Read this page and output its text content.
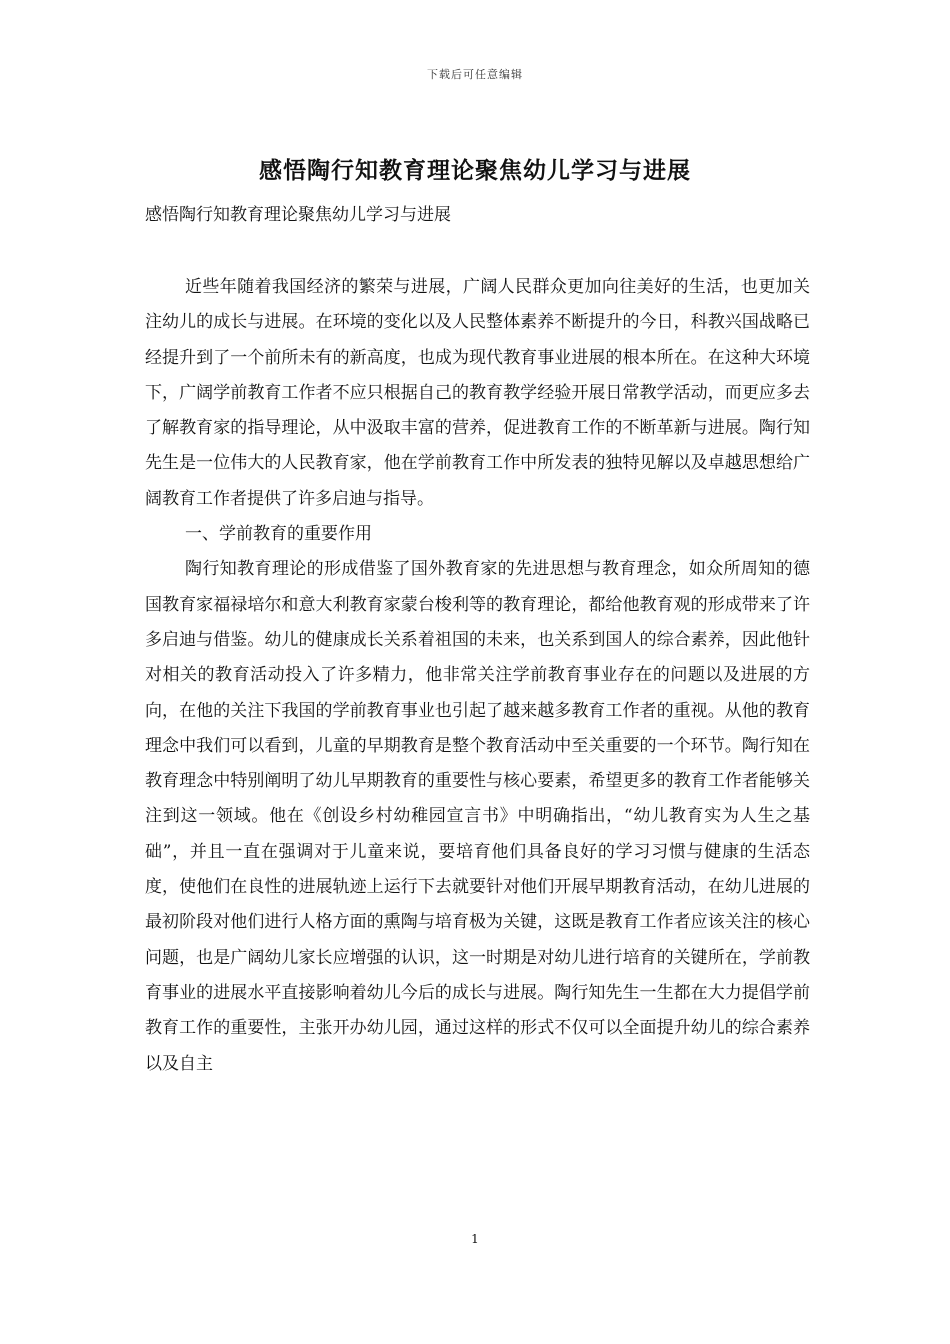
下载后可任意编辑
感悟陶行知教育理论聚焦幼儿学习与进展

感悟陶行知教育理论聚焦幼儿学习与进展

近些年随着我国经济的繁荣与进展，广阔人民群众更加向往美好的生活，也更加关注幼儿的成长与进展。在环境的变化以及人民整体素养不断提升的今日，科教兴国战略已经提升到了一个前所未有的新高度，也成为现代教育事业进展的根本所在。在这种大环境下，广阔学前教育工作者不应只根据自己的教育教学经验开展日常教学活动，而更应多去了解教育家的指导理论，从中汲取丰富的营养，促进教育工作的不断革新与进展。陶行知先生是一位伟大的人民教育家，他在学前教育工作中所发表的独特见解以及卓越思想给广阔教育工作者提供了许多启迪与指导。

一、学前教育的重要作用

陶行知教育理论的形成借鉴了国外教育家的先进思想与教育理念，如众所周知的德国教育家福禄培尔和意大利教育家蒙台梭利等的教育理论，都给他教育观的形成带来了许多启迪与借鉴。幼儿的健康成长关系着祖国的未来，也关系到国人的综合素养，因此他针对相关的教育活动投入了许多精力，他非常关注学前教育事业存在的问题以及进展的方向，在他的关注下我国的学前教育事业也引起了越来越多教育工作者的重视。从他的教育理念中我们可以看到，儿童的早期教育是整个教育活动中至关重要的一个环节。陶行知在教育理念中特别阐明了幼儿早期教育的重要性与核心要素，希望更多的教育工作者能够关注到这一领域。他在《创设乡村幼稚园宣言书》中明确指出，“幼儿教育实为人生之基础”，并且一直在强调对于儿童来说，要培育他们具备良好的学习习惯与健康的生活态度，使他们在良性的进展轨迹上运行下去就要针对他们开展早期教育活动，在幼儿进展的最初阶段对他们进行人格方面的熏陶与培育极为关键，这既是教育工作者应该关注的核心问题，也是广阔幼儿家长应增强的认识，这一时期是对幼儿进行培育的关键所在，学前教育事业的进展水平直接影响着幼儿今后的成长与进展。陶行知先生一生都在大力提倡学前教育工作的重要性，主张开办幼儿园，通过这样的形式不仅可以全面提升幼儿的综合素养以及自主

1
